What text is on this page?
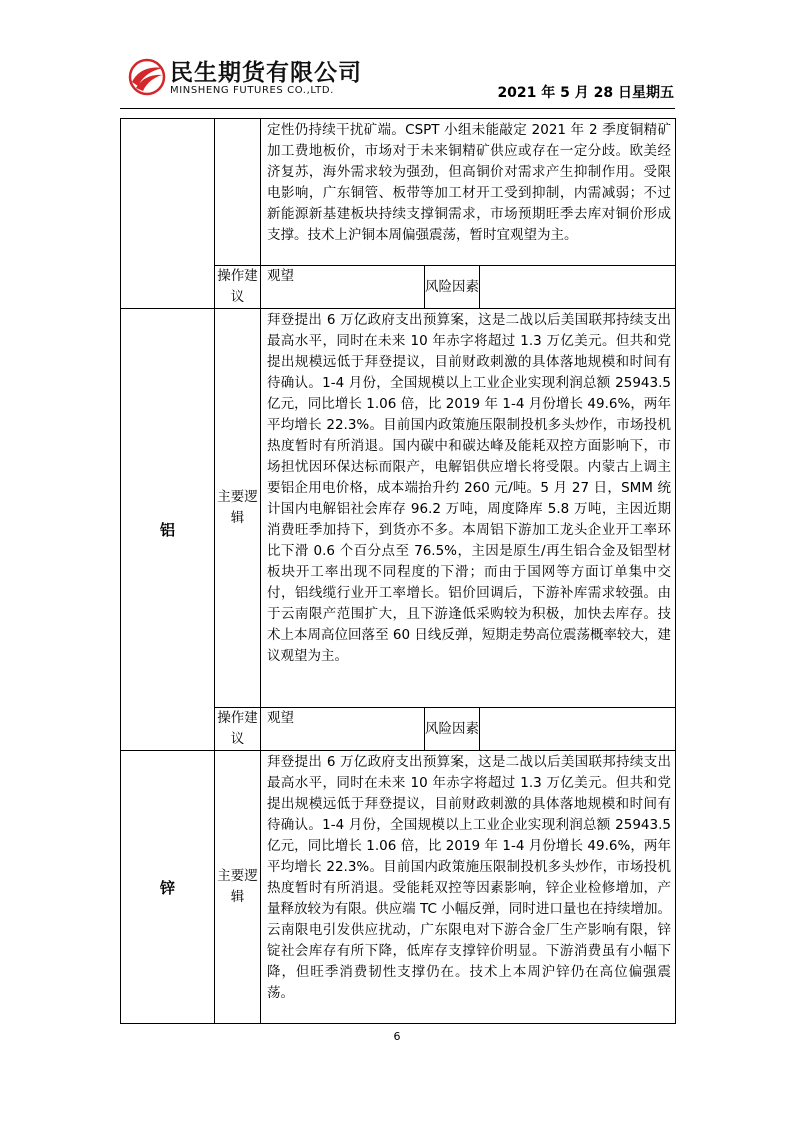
民生期货有限公司
MINSHENG FUTURES CO.,LTD.	2021 年 5 月 28 日星期五
		定性仍持续干扰矿端。CSPT 小组未能敲定 2021 年 2 季度铜精矿加工费地板价，市场对于未来铜精矿供应或存在一定分歧。欧美经济复苏，海外需求较为强劲，但高铜价对需求产生抑制作用。受限电影响，广东铜管、板带等加工材开工受到抑制，内需减弱；不过新能源新基建板块持续支撑铜需求，市场预期旺季去库对铜价形成支撑。技术上沪铜本周偏强震荡，暂时宜观望为主。		
	操作建议	观望	风险因素	
铝	主要逻辑	拜登提出 6 万亿政府支出预算案，这是二战以后美国联邦持续支出最高水平，同时在未来 10 年赤字将超过 1.3 万亿美元。但共和党提出规模远低于拜登提议，目前财政刺激的具体落地规模和时间有待确认。1-4 月份，全国规模以上工业企业实现利润总额 25943.5 亿元，同比增长 1.06 倍，比 2019 年 1-4 月份增长 49.6%，两年平均增长 22.3%。目前国内政策施压限制投机多头炒作，市场投机热度暂时有所消退。国内碳中和碳达峰及能耗双控方面影响下，市场担忧因环保达标而限产，电解铝供应增长将受限。内蒙古上调主要铝企用电价格，成本端抬升约 260 元/吨。5 月 27 日，SMM 统计国内电解铝社会库存 96.2 万吨，周度降库 5.8 万吨，主因近期消费旺季加持下，到货亦不多。本周铝下游加工龙头企业开工率环比下滑 0.6 个百分点至 76.5%，主因是原生/再生铝合金及铝型材板块开工率出现不同程度的下滑；而由于国网等方面订单集中交付，铝线缆行业开工率增长。铝价回调后，下游补库需求较强。由于云南限产范围扩大，且下游逢低采购较为积极，加快去库存。技术上本周高位回落至 60 日线反弹，短期走势高位震荡概率较大，建议观望为主。		
	操作建议	观望	风险因素	
锌	主要逻辑	拜登提出 6 万亿政府支出预算案，这是二战以后美国联邦持续支出最高水平，同时在未来 10 年赤字将超过 1.3 万亿美元。但共和党提出规模远低于拜登提议，目前财政刺激的具体落地规模和时间有待确认。1-4 月份，全国规模以上工业企业实现利润总额 25943.5 亿元，同比增长 1.06 倍，比 2019 年 1-4 月份增长 49.6%，两年平均增长 22.3%。目前国内政策施压限制投机多头炒作，市场投机热度暂时有所消退。受能耗双控等因素影响，锌企业检修增加，产量释放较为有限。供应端 TC 小幅反弹，同时进口量也在持续增加。云南限电引发供应扰动，广东限电对下游合金厂生产影响有限，锌锭社会库存有所下降，低库存支撑锌价明显。下游消费虽有小幅下降，但旺季消费韧性支撑仍在。技术上本周沪锌仍在高位偏强震荡。		
6
